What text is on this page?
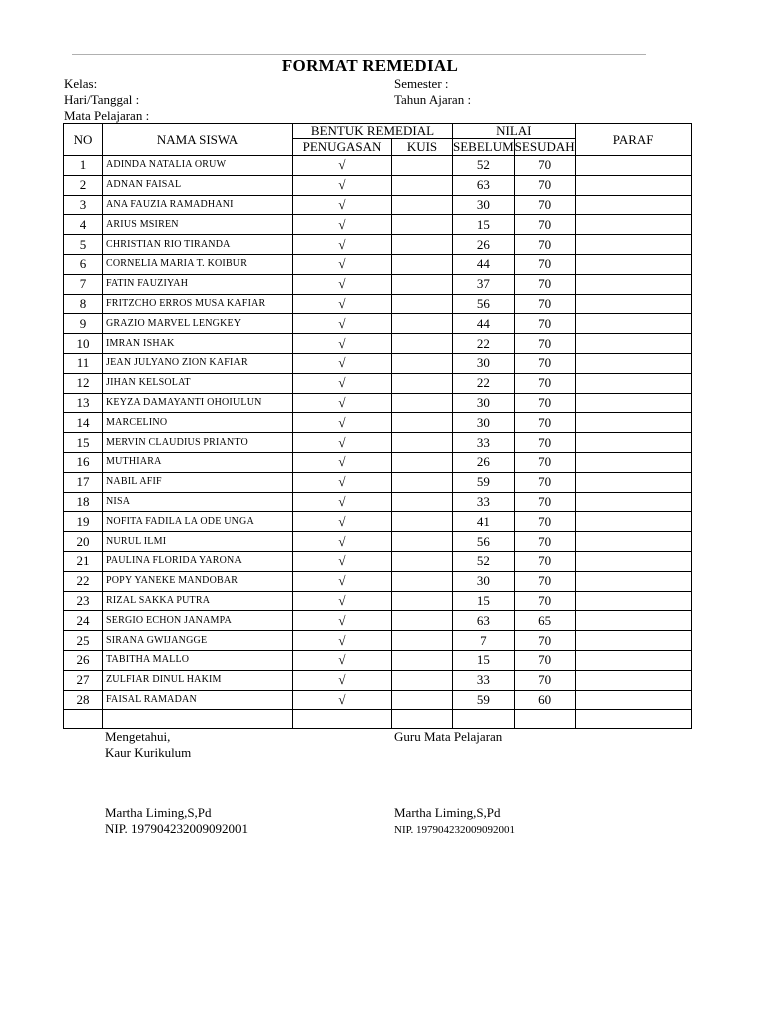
FORMAT REMEDIAL
Kelas:	Semester :
Hari/Tanggal :	Tahun Ajaran :
Mata Pelajaran :
NO	NAMA SISWA	BENTUK REMEDIAL		NILAI		PARAF
		PENUGASAN	KUIS	SEBELUM	SESUDAH	
1	ADINDA NATALIA ORUW	√		52	70	
2	ADNAN FAISAL	√		63	70	
3	ANA FAUZIA RAMADHANI	√		30	70	
4	ARIUS MSIREN	√		15	70	
5	CHRISTIAN RIO TIRANDA	√		26	70	
6	CORNELIA MARIA T. KOIBUR	√		44	70	
7	FATIN FAUZIYAH	√		37	70	
8	FRITZCHO ERROS MUSA KAFIAR	√		56	70	
9	GRAZIO MARVEL LENGKEY	√		44	70	
10	IMRAN ISHAK	√		22	70	
11	JEAN JULYANO ZION KAFIAR	√		30	70	
12	JIHAN KELSOLAT	√		22	70	
13	KEYZA DAMAYANTI OHOIULUN	√		30	70	
14	MARCELINO	√		30	70	
15	MERVIN CLAUDIUS PRIANTO	√		33	70	
16	MUTHIARA	√		26	70	
17	NABIL AFIF	√		59	70	
18	NISA	√		33	70	
19	NOFITA FADILA LA ODE UNGA	√		41	70	
20	NURUL ILMI	√		56	70	
21	PAULINA FLORIDA YARONA	√		52	70	
22	POPY YANEKE MANDOBAR	√		30	70	
23	RIZAL SAKKA PUTRA	√		15	70	
24	SERGIO ECHON JANAMPA	√		63	65	
25	SIRANA GWIJANGGE	√		7	70	
26	TABITHA MALLO	√		15	70	
27	ZULFIAR DINUL HAKIM	√		33	70	
28	FAISAL RAMADAN	√		59	60	

Mengetahui,
Kaur Kurikulum
Guru Mata Pelajaran
Martha Liming,S,Pd
NIP. 197904232009092001
Martha Liming,S,Pd
NIP. 197904232009092001
